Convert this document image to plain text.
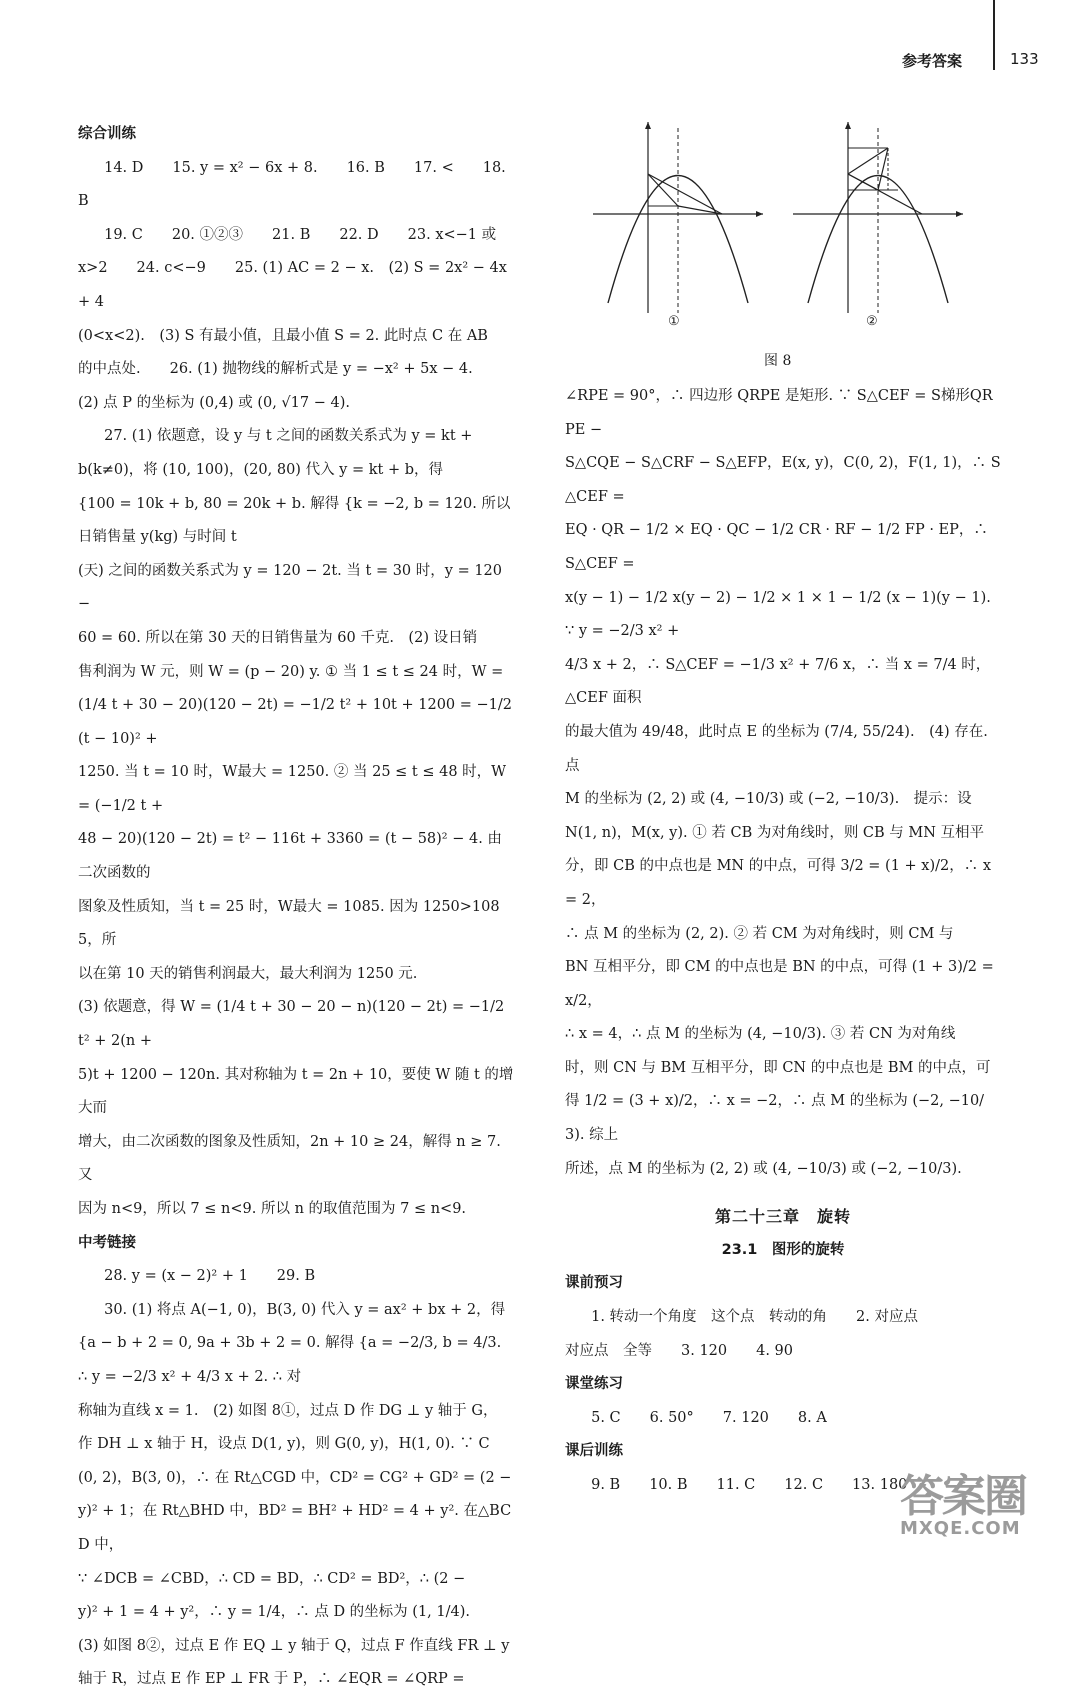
参考答案	133
综合训练
14. D　　15. y = x² − 6x + 8.　　16. B　　17. <　　18. B
19. C　　20. ①②③　　21. B　　22. D　　23. x<−1 或
x>2　　24. c<−9　　25. (1) AC = 2 − x.　(2) S = 2x² − 4x + 4
(0<x<2).　(3) S 有最小值，且最小值 S = 2. 此时点 C 在 AB
的中点处.　　26. (1) 抛物线的解析式是 y = −x² + 5x − 4.
(2) 点 P 的坐标为 (0,4) 或 (0, √17 − 4).
27. (1) 依题意，设 y 与 t 之间的函数关系式为 y = kt +
b(k≠0)，将 (10, 100)，(20, 80) 代入 y = kt + b，得
{100 = 10k + b, 80 = 20k + b. 解得 {k = −2, b = 120. 所以日销售量 y(kg) 与时间 t
(天) 之间的函数关系式为 y = 120 − 2t. 当 t = 30 时，y = 120 −
60 = 60. 所以在第 30 天的日销售量为 60 千克.　(2) 设日销
售利润为 W 元，则 W = (p − 20) y. ① 当 1 ≤ t ≤ 24 时，W =
(1/4 t + 30 − 20)(120 − 2t) = −1/2 t² + 10t + 1200 = −1/2 (t − 10)² +
1250. 当 t = 10 时，W最大 = 1250. ② 当 25 ≤ t ≤ 48 时，W = (−1/2 t +
48 − 20)(120 − 2t) = t² − 116t + 3360 = (t − 58)² − 4. 由二次函数的
图象及性质知，当 t = 25 时，W最大 = 1085. 因为 1250>1085，所
以在第 10 天的销售利润最大，最大利润为 1250 元.
(3) 依题意，得 W = (1/4 t + 30 − 20 − n)(120 − 2t) = −1/2 t² + 2(n +
5)t + 1200 − 120n. 其对称轴为 t = 2n + 10，要使 W 随 t 的增大而
增大，由二次函数的图象及性质知，2n + 10 ≥ 24，解得 n ≥ 7. 又
因为 n<9，所以 7 ≤ n<9. 所以 n 的取值范围为 7 ≤ n<9.
中考链接
28. y = (x − 2)² + 1　　29. B
30. (1) 将点 A(−1, 0)，B(3, 0) 代入 y = ax² + bx + 2，得
{a − b + 2 = 0, 9a + 3b + 2 = 0. 解得 {a = −2/3, b = 4/3. ∴ y = −2/3 x² + 4/3 x + 2. ∴ 对
称轴为直线 x = 1.　(2) 如图 8①，过点 D 作 DG ⊥ y 轴于 G，
作 DH ⊥ x 轴于 H，设点 D(1, y)，则 G(0, y)，H(1, 0). ∵ C
(0, 2)，B(3, 0)，∴ 在 Rt△CGD 中，CD² = CG² + GD² = (2 −
y)² + 1；在 Rt△BHD 中，BD² = BH² + HD² = 4 + y². 在△BCD 中，
∵ ∠DCB = ∠CBD，∴ CD = BD，∴ CD² = BD²，∴ (2 −
y)² + 1 = 4 + y²，∴ y = 1/4，∴ 点 D 的坐标为 (1, 1/4).
(3) 如图 8②，过点 E 作 EQ ⊥ y 轴于 Q，过点 F 作直线 FR ⊥ y
轴于 R，过点 E 作 EP ⊥ FR 于 P，∴ ∠EQR = ∠QRP =
①	②
图 8
∠RPE = 90°，∴ 四边形 QRPE 是矩形. ∵ S△CEF = S梯形QRPE −
S△CQE − S△CRF − S△EFP，E(x, y)，C(0, 2)，F(1, 1)，∴ S△CEF =
EQ · QR − 1/2 × EQ · QC − 1/2 CR · RF − 1/2 FP · EP，∴ S△CEF =
x(y − 1) − 1/2 x(y − 2) − 1/2 × 1 × 1 − 1/2 (x − 1)(y − 1). ∵ y = −2/3 x² +
4/3 x + 2，∴ S△CEF = −1/3 x² + 7/6 x，∴ 当 x = 7/4 时，△CEF 面积
的最大值为 49/48，此时点 E 的坐标为 (7/4, 55/24).　(4) 存在. 点
M 的坐标为 (2, 2) 或 (4, −10/3) 或 (−2, −10/3).　提示：设
N(1, n)，M(x, y). ① 若 CB 为对角线时，则 CB 与 MN 互相平
分，即 CB 的中点也是 MN 的中点，可得 3/2 = (1 + x)/2，∴ x = 2，
∴ 点 M 的坐标为 (2, 2). ② 若 CM 为对角线时，则 CM 与
BN 互相平分，即 CM 的中点也是 BN 的中点，可得 (1 + 3)/2 = x/2，
∴ x = 4，∴ 点 M 的坐标为 (4, −10/3). ③ 若 CN 为对角线
时，则 CN 与 BM 互相平分，即 CN 的中点也是 BM 的中点，可
得 1/2 = (3 + x)/2，∴ x = −2，∴ 点 M 的坐标为 (−2, −10/3). 综上
所述，点 M 的坐标为 (2, 2) 或 (4, −10/3) 或 (−2, −10/3).
第二十三章　旋转
23.1　图形的旋转
课前预习
1. 转动一个角度　这个点　转动的角　　2. 对应点
对应点　全等　　3. 120　　4. 90
课堂练习
5. C　　6. 50°　　7. 120　　8. A
课后训练
9. B　　10. B　　11. C　　12. C　　13. 180
答案圈
MXQE.COM
